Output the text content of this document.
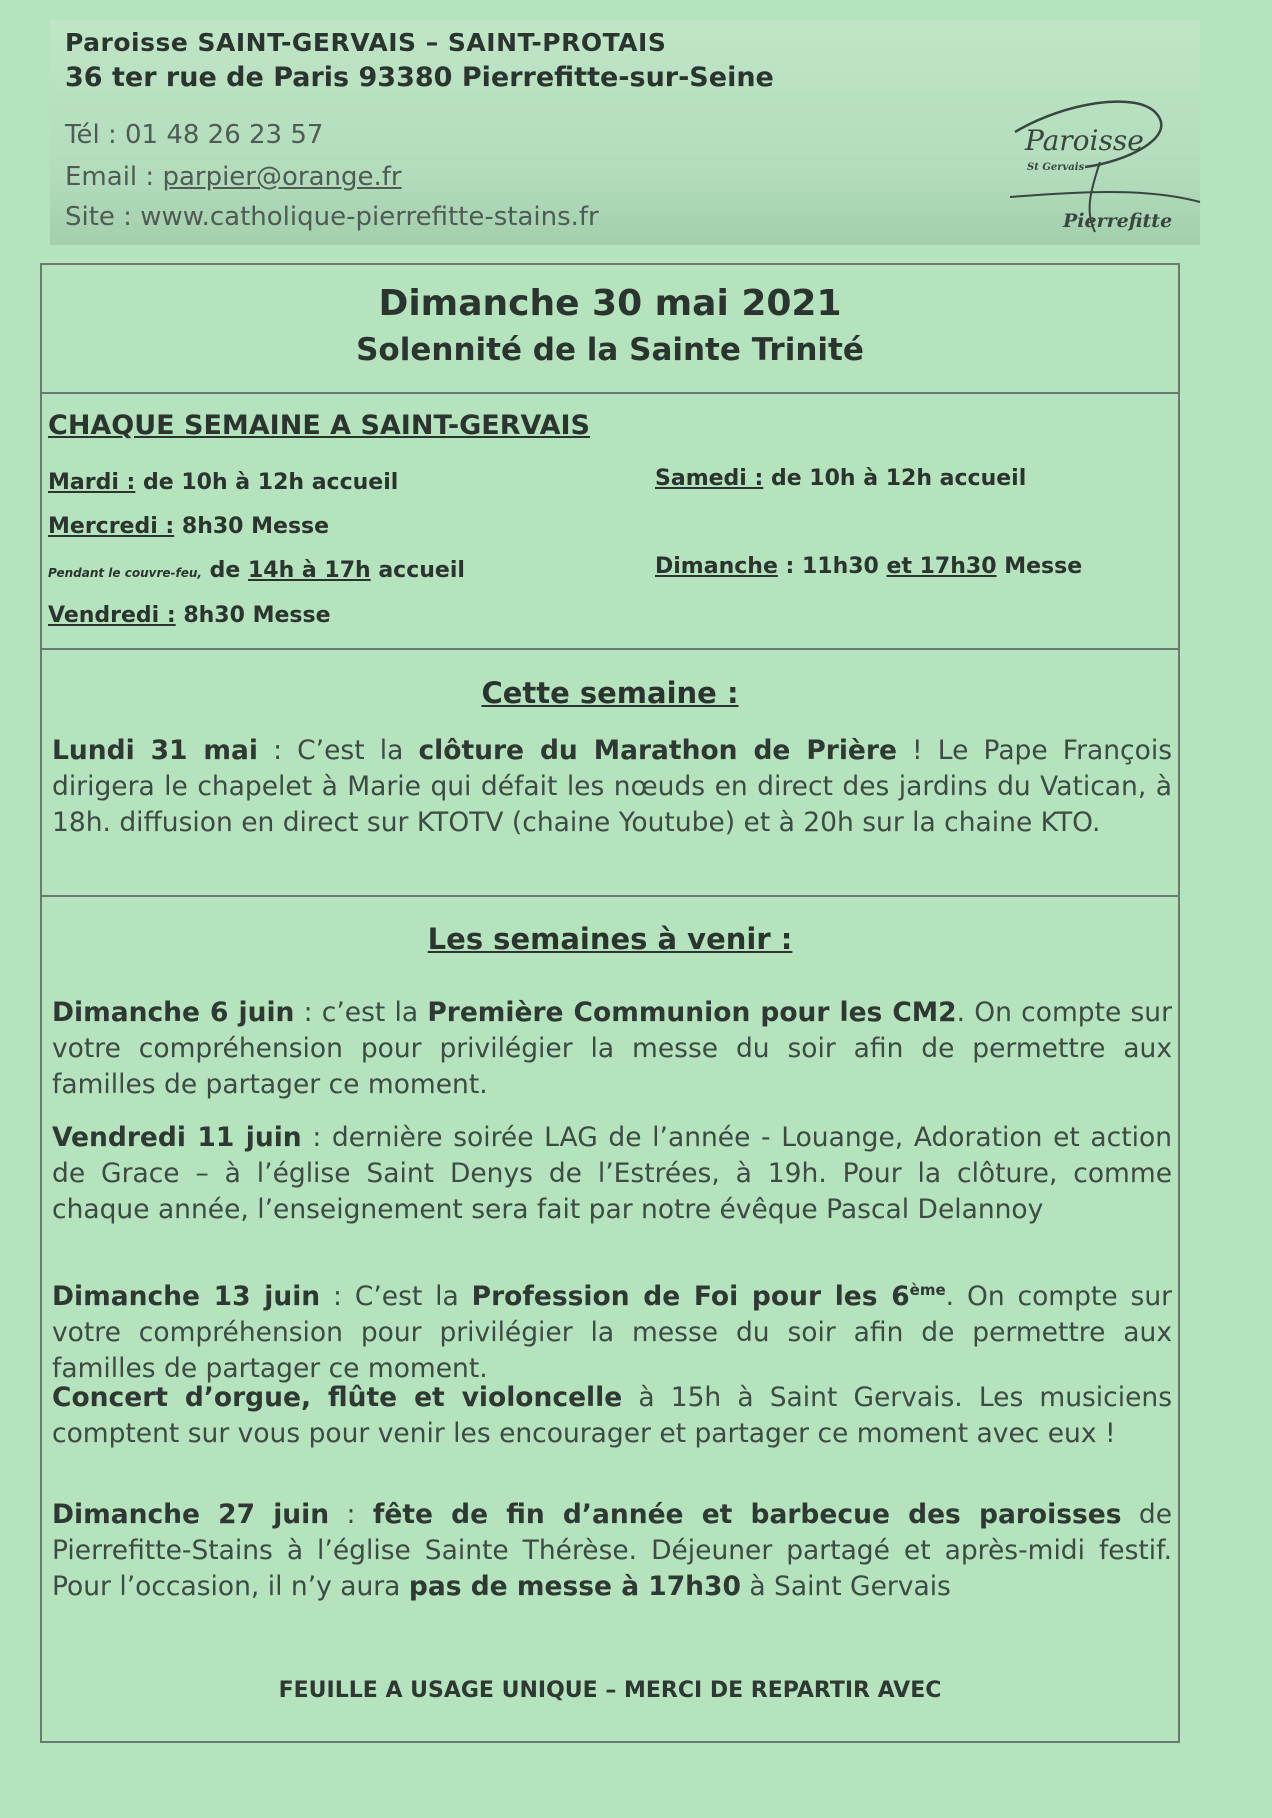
Paroisse SAINT-GERVAIS – SAINT-PROTAIS
36 ter rue de Paris 93380 Pierrefitte-sur-Seine
Tél : 01 48 26 23 57
Email : parpier@orange.fr
Site : www.catholique-pierrefitte-stains.fr
Paroisse
St Gervais
Pierrefitte
Dimanche 30 mai 2021
Solennité de la Sainte Trinité
CHAQUE SEMAINE A SAINT-GERVAIS
Mardi : de 10h à 12h accueil
Mercredi : 8h30 Messe
Pendant le couvre-feu, de 14h à 17h accueil
Vendredi : 8h30 Messe
Samedi : de 10h à 12h accueil
Dimanche : 11h30 et 17h30 Messe
Cette semaine :
Lundi 31 mai : C’est la clôture du Marathon de Prière ! Le Pape François dirigera le chapelet à Marie qui défait les nœuds en direct des jardins du Vatican, à 18h. diffusion en direct sur KTOTV (chaine Youtube) et à 20h sur la chaine KTO.
Les semaines à venir :
Dimanche 6 juin : c’est la Première Communion pour les CM2. On compte sur votre compréhension pour privilégier la messe du soir afin de permettre aux familles de partager ce moment.
Vendredi 11 juin : dernière soirée LAG de l’année - Louange, Adoration et action de Grace – à l’église Saint Denys de l’Estrées, à 19h. Pour la clôture, comme chaque année, l’enseignement sera fait par notre évêque Pascal Delannoy
Dimanche 13 juin : C’est la Profession de Foi pour les 6ème. On compte sur votre compréhension pour privilégier la messe du soir afin de permettre aux familles de partager ce moment.
Concert d’orgue, flûte et violoncelle à 15h à Saint Gervais. Les musiciens comptent sur vous pour venir les encourager et partager ce moment avec eux !
Dimanche 27 juin : fête de fin d’année et barbecue des paroisses de Pierrefitte-Stains à l’église Sainte Thérèse. Déjeuner partagé et après-midi festif. Pour l’occasion, il n’y aura pas de messe à 17h30 à Saint Gervais
FEUILLE A USAGE UNIQUE – MERCI DE REPARTIR AVEC
